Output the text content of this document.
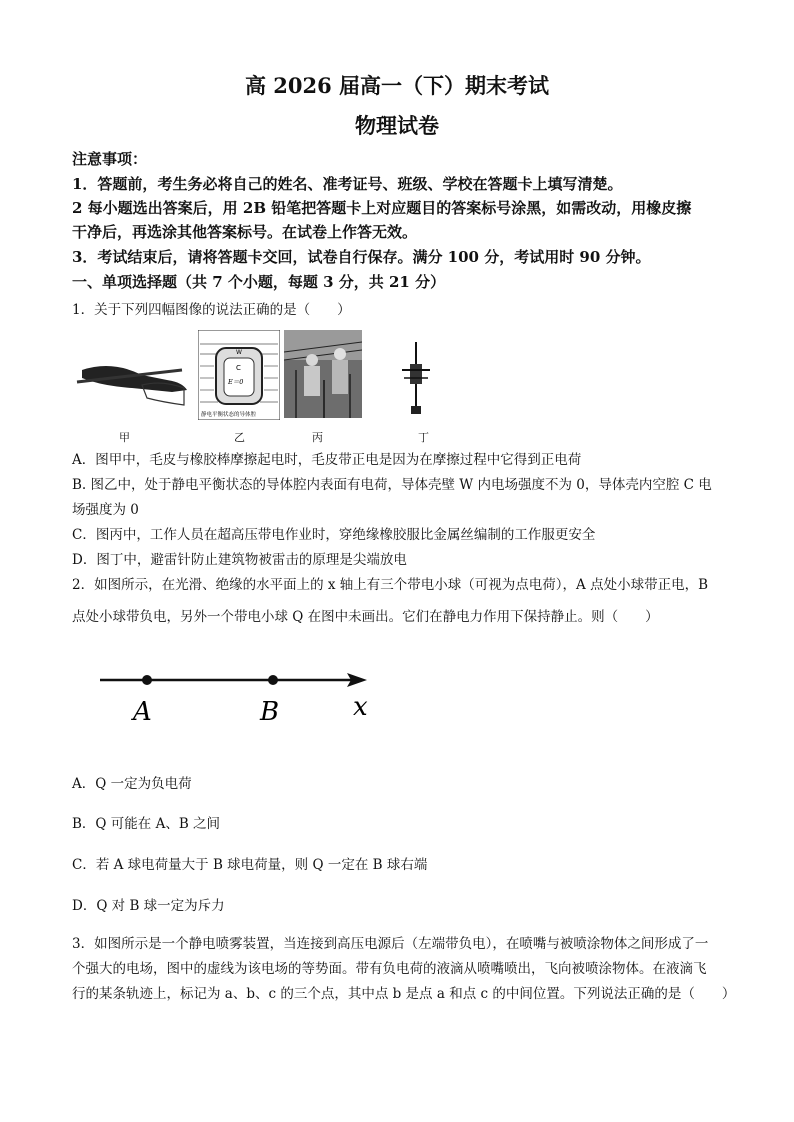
高 2026 届高一（下）期末考试
物理试卷
注意事项：
1．答题前，考生务必将自己的姓名、准考证号、班级、学校在答题卡上填写清楚。
2 每小题选出答案后，用 2B 铅笔把答题卡上对应题目的答案标号涂黑，如需改动，用橡皮擦
干净后，再选涂其他答案标号。在试卷上作答无效。
3．考试结束后，请将答题卡交回，试卷自行保存。满分 100 分，考试用时 90 分钟。
一、单项选择题（共 7 个小题，每题 3 分，共 21 分）
1．关于下列四幅图像的说法正确的是（　　）
W
C
E＝0
静电平衡状态的导体腔
甲	乙	丙	丁
A．图甲中，毛皮与橡胶棒摩擦起电时，毛皮带正电是因为在摩擦过程中它得到正电荷
B. 图乙中，处于静电平衡状态的导体腔内表面有电荷，导体壳壁 W 内电场强度不为 0，导体壳内空腔 C 电
场强度为 0
C．图丙中，工作人员在超高压带电作业时，穿绝缘橡胶服比金属丝编制的工作服更安全
D．图丁中，避雷针防止建筑物被雷击的原理是尖端放电
2．如图所示，在光滑、绝缘的水平面上的 x 轴上有三个带电小球（可视为点电荷），A 点处小球带正电，B
点处小球带负电，另外一个带电小球 Q 在图中未画出。它们在静电力作用下保持静止。则（　　）
A	B	x
A．Q 一定为负电荷
B．Q 可能在 A、B 之间
C．若 A 球电荷量大于 B 球电荷量，则 Q 一定在 B 球右端
D．Q 对 B 球一定为斥力
3．如图所示是一个静电喷雾装置，当连接到高压电源后（左端带负电），在喷嘴与被喷涂物体之间形成了一
个强大的电场，图中的虚线为该电场的等势面。带有负电荷的液滴从喷嘴喷出，飞向被喷涂物体。在液滴飞
行的某条轨迹上，标记为 a、b、c 的三个点，其中点 b 是点 a 和点 c 的中间位置。下列说法正确的是（　　）
